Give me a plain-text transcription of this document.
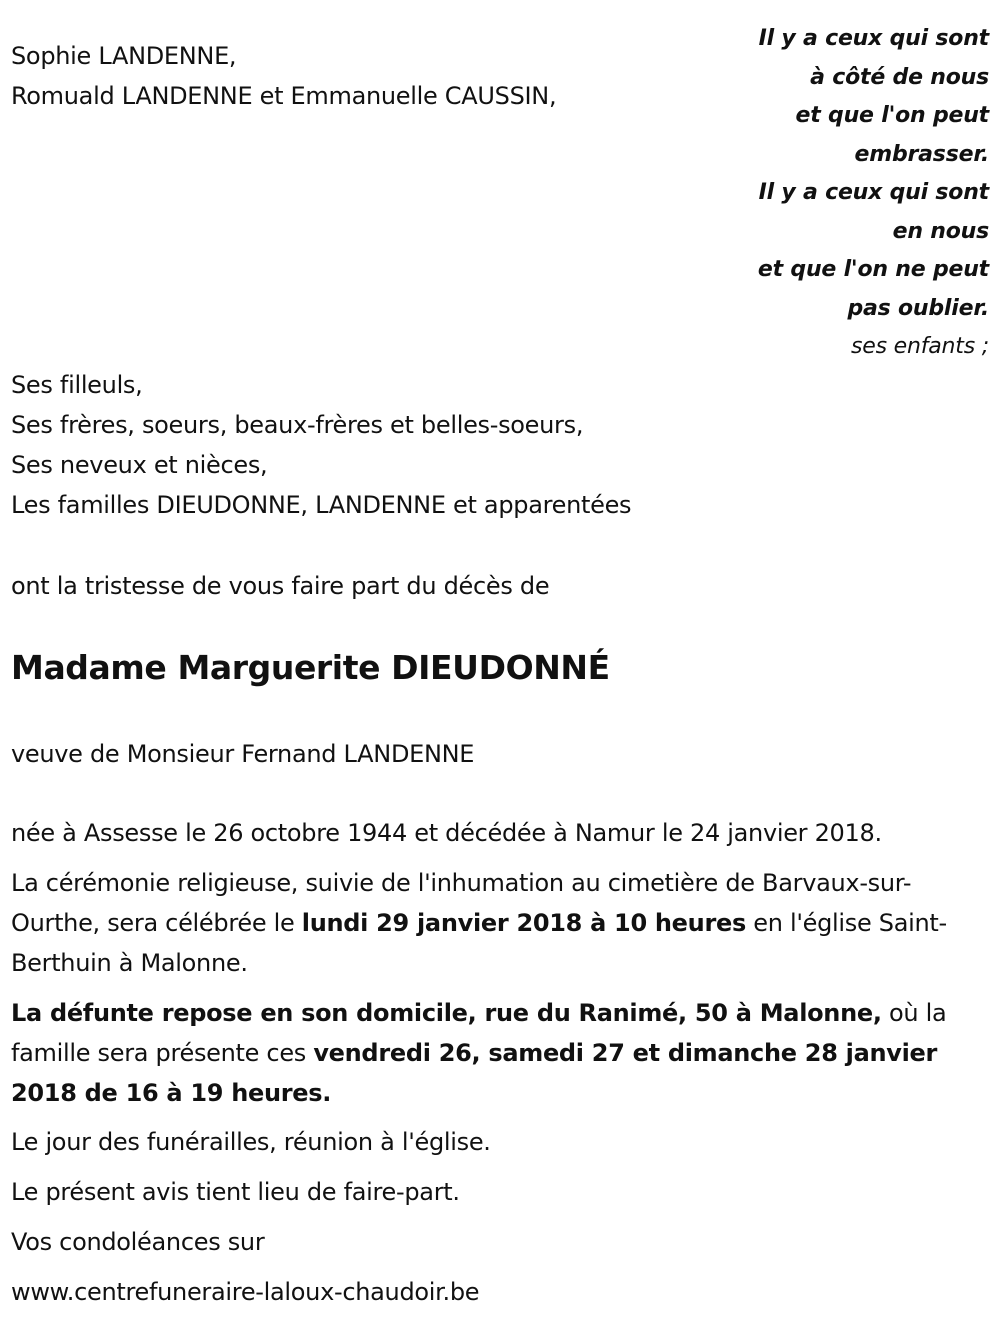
Sophie LANDENNE,
Romuald LANDENNE et Emmanuelle CAUSSIN,
Il y a ceux qui sont
à côté de nous
et que l'on peut
embrasser.
Il y a ceux qui sont
en nous
et que l'on ne peut
pas oublier.
ses enfants ;
Ses filleuls,
Ses frères, soeurs, beaux-frères et belles-soeurs,
Ses neveux et nièces,
Les familles DIEUDONNE, LANDENNE et apparentées
ont la tristesse de vous faire part du décès de
Madame Marguerite DIEUDONNÉ
veuve de Monsieur Fernand LANDENNE
née à Assesse le 26 octobre 1944 et décédée à Namur le 24 janvier 2018.
La cérémonie religieuse, suivie de l'inhumation au cimetière de Barvaux-sur-Ourthe, sera célébrée le lundi 29 janvier 2018 à 10 heures en l'église Saint-Berthuin à Malonne.
La défunte repose en son domicile, rue du Ranimé, 50 à Malonne, où la famille sera présente ces vendredi 26, samedi 27 et dimanche 28 janvier 2018 de 16 à 19 heures.
Le jour des funérailles, réunion à l'église.
Le présent avis tient lieu de faire-part.
Vos condoléances sur
www.centrefuneraire-laloux-chaudoir.be
